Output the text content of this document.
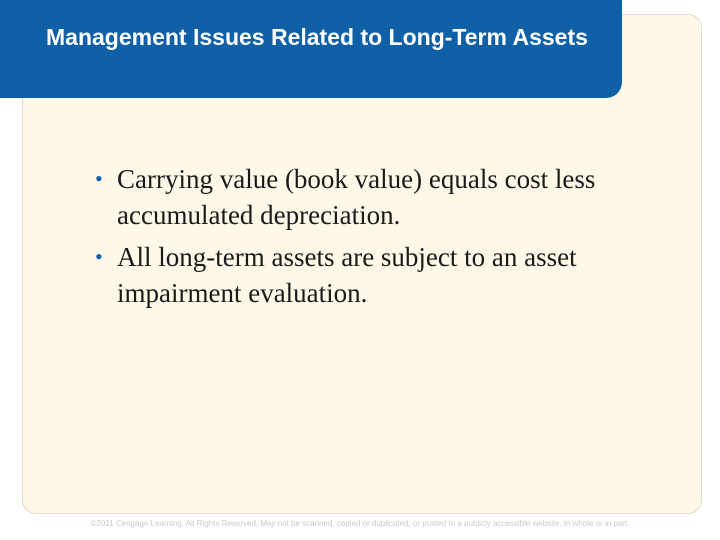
• Carrying value (book value) equals cost less accumulated depreciation.
• All long-term assets are subject to an asset impairment evaluation.
Management Issues Related to Long-Term Assets
©2011 Cengage Learning. All Rights Reserved. May not be scanned, copied or duplicated, or posted to a publicly accessible website, in whole or in part.
